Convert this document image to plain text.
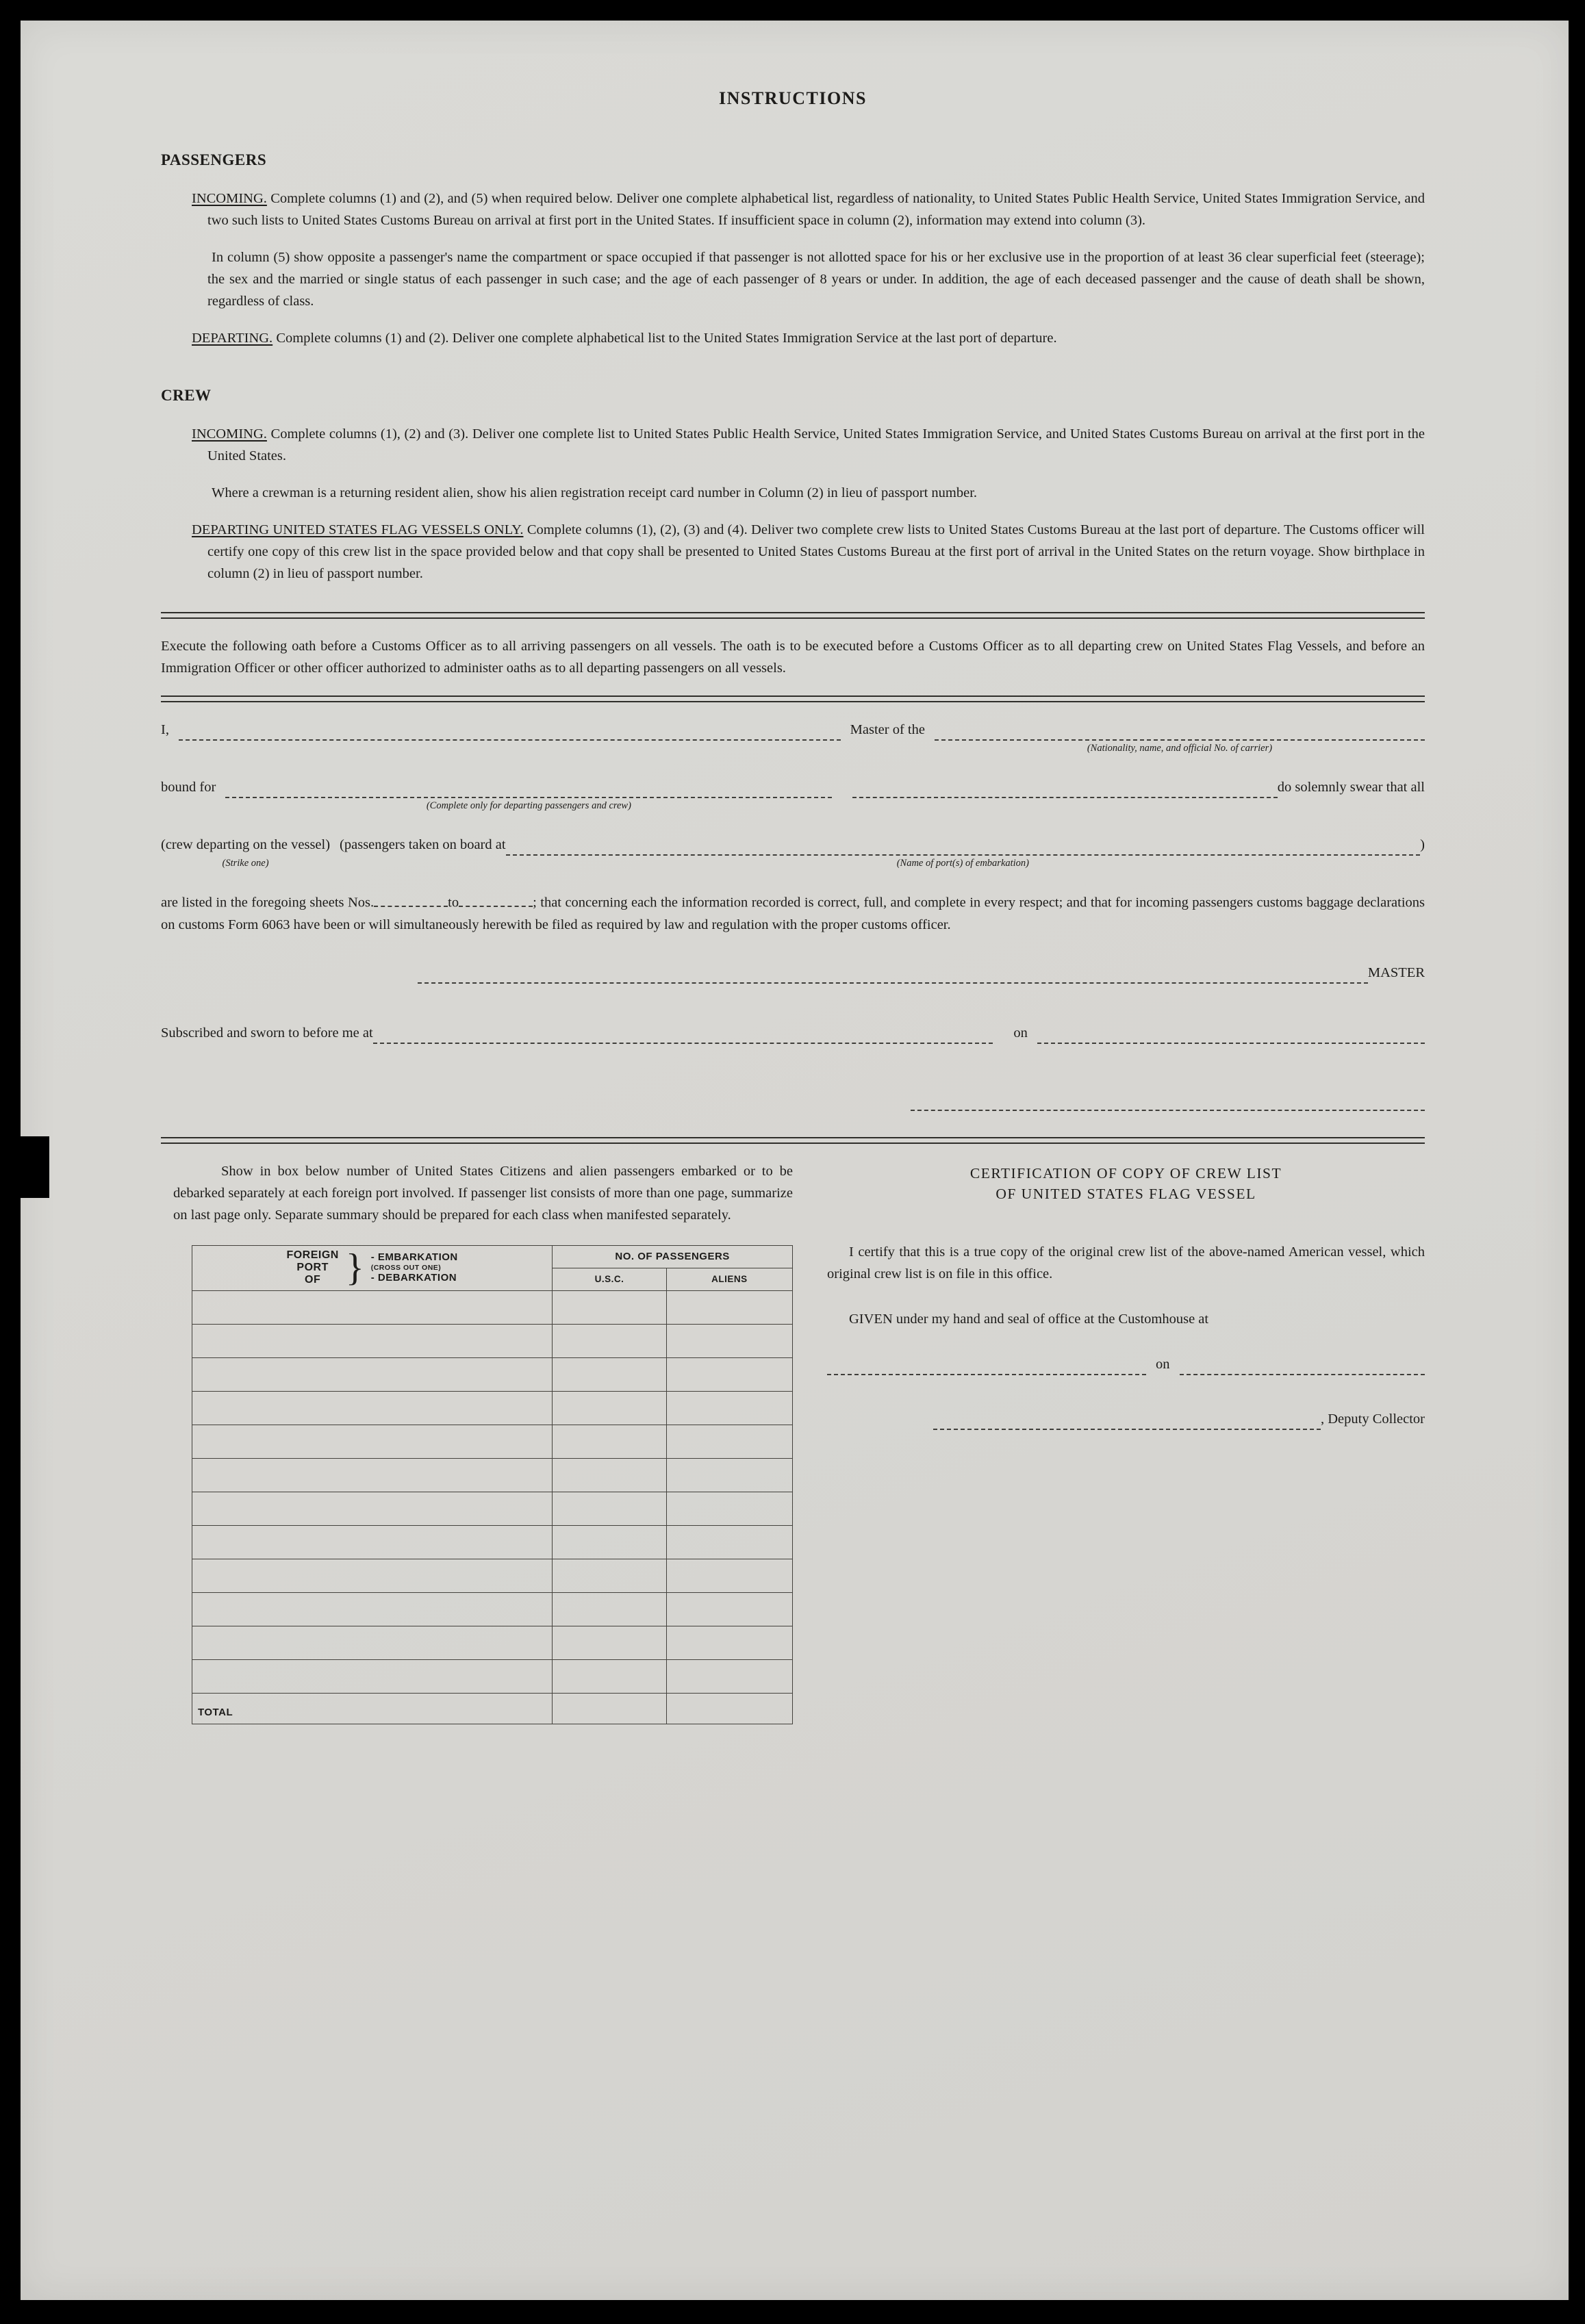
INSTRUCTIONS
PASSENGERS

INCOMING. Complete columns (1) and (2), and (5) when required below. Deliver one complete alphabetical list, regardless of nationality, to United States Public Health Service, United States Immigration Service, and two such lists to United States Customs Bureau on arrival at first port in the United States. If insufficient space in column (2), information may extend into column (3).

In column (5) show opposite a passenger's name the compartment or space occupied if that passenger is not allotted space for his or her exclusive use in the proportion of at least 36 clear superficial feet (steerage); the sex and the married or single status of each passenger in such case; and the age of each passenger of 8 years or under. In addition, the age of each deceased passenger and the cause of death shall be shown, regardless of class.

DEPARTING. Complete columns (1) and (2). Deliver one complete alphabetical list to the United States Immigration Service at the last port of departure.

CREW

INCOMING. Complete columns (1), (2) and (3). Deliver one complete list to United States Public Health Service, United States Immigration Service, and United States Customs Bureau on arrival at the first port in the United States.

Where a crewman is a returning resident alien, show his alien registration receipt card number in Column (2) in lieu of passport number.

DEPARTING UNITED STATES FLAG VESSELS ONLY. Complete columns (1), (2), (3) and (4). Deliver two complete crew lists to United States Customs Bureau at the last port of departure. The Customs officer will certify one copy of this crew list in the space provided below and that copy shall be presented to United States Customs Bureau at the first port of arrival in the United States on the return voyage. Show birthplace in column (2) in lieu of passport number.

Execute the following oath before a Customs Officer as to all arriving passengers on all vessels. The oath is to be executed before a Customs Officer as to all departing crew on United States Flag Vessels, and before an Immigration Officer or other officer authorized to administer oaths as to all departing passengers on all vessels.

I,	Master of the
(Nationality, name, and official No. of carrier)
bound for
(Complete only for departing passengers and crew)
do solemnly swear that all
(crew departing on the vessel)
(Strike one)
(passengers taken on board at
(Name of port(s) of embarkation)
)

are listed in the foregoing sheets Nos.	to	; that concerning each the information recorded is correct, full, and complete in every respect; and that for incoming passengers customs baggage declarations on customs Form 6063 have been or will simultaneously herewith be filed as required by law and regulation with the proper customs officer.

MASTER
Subscribed and sworn to before me at	on

Show in box below number of United States Citizens and alien passengers embarked or to be debarked separately at each foreign port involved. If passenger list consists of more than one page, summarize on last page only. Separate summary should be prepared for each class when manifested separately.

FOREIGN
PORT
OF } - EMBARKATION
(CROSS OUT ONE)
- DEBARKATION
	NO. OF PASSENGERS
	U.S.C.	ALIENS

TOTAL		
CERTIFICATION OF COPY OF CREW LIST
OF UNITED STATES FLAG VESSEL

I certify that this is a true copy of the original crew list of the above-named American vessel, which original crew list is on file in this office.

GIVEN under my hand and seal of office at the Customhouse at

on
, Deputy Collector
